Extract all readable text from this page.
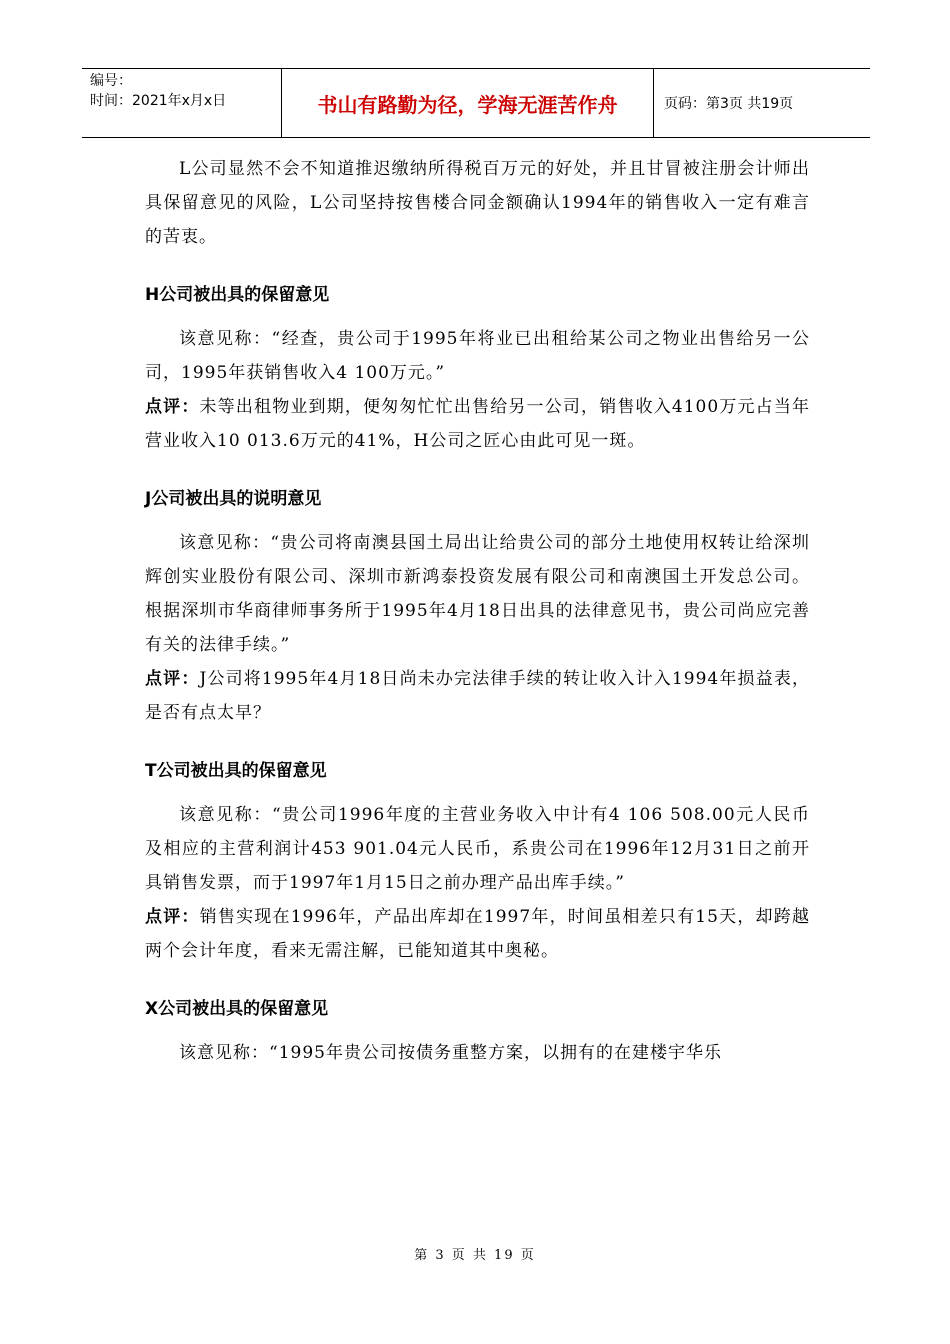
编号：
时间：2021年x月x日	书山有路勤为径，学海无涯苦作舟	页码：第3页 共19页

L公司显然不会不知道推迟缴纳所得税百万元的好处，并且甘冒被注册会计师出具保留意见的风险，L公司坚持按售楼合同金额确认1994年的销售收入一定有难言的苦衷。

H公司被出具的保留意见

该意见称：“经查，贵公司于1995年将业已出租给某公司之物业出售给另一公司，1995年获销售收入4 100万元。”

点评：未等出租物业到期，便匆匆忙忙出售给另一公司，销售收入4100万元占当年营业收入10 013.6万元的41%，H公司之匠心由此可见一斑。

J公司被出具的说明意见

该意见称：“贵公司将南澳县国土局出让给贵公司的部分土地使用权转让给深圳辉创实业股份有限公司、深圳市新鸿泰投资发展有限公司和南澳国土开发总公司。根据深圳市华商律师事务所于1995年4月18日出具的法律意见书，贵公司尚应完善有关的法律手续。”

点评：J公司将1995年4月18日尚未办完法律手续的转让收入计入1994年损益表，是否有点太早？

T公司被出具的保留意见

该意见称：“贵公司1996年度的主营业务收入中计有4 106 508.00元人民币及相应的主营利润计453 901.04元人民币，系贵公司在1996年12月31日之前开具销售发票，而于1997年1月15日之前办理产品出库手续。”

点评：销售实现在1996年，产品出库却在1997年，时间虽相差只有15天，却跨越两个会计年度，看来无需注解，已能知道其中奥秘。

X公司被出具的保留意见

该意见称：“1995年贵公司按债务重整方案，以拥有的在建楼宇华乐

第 3 页 共 19 页
